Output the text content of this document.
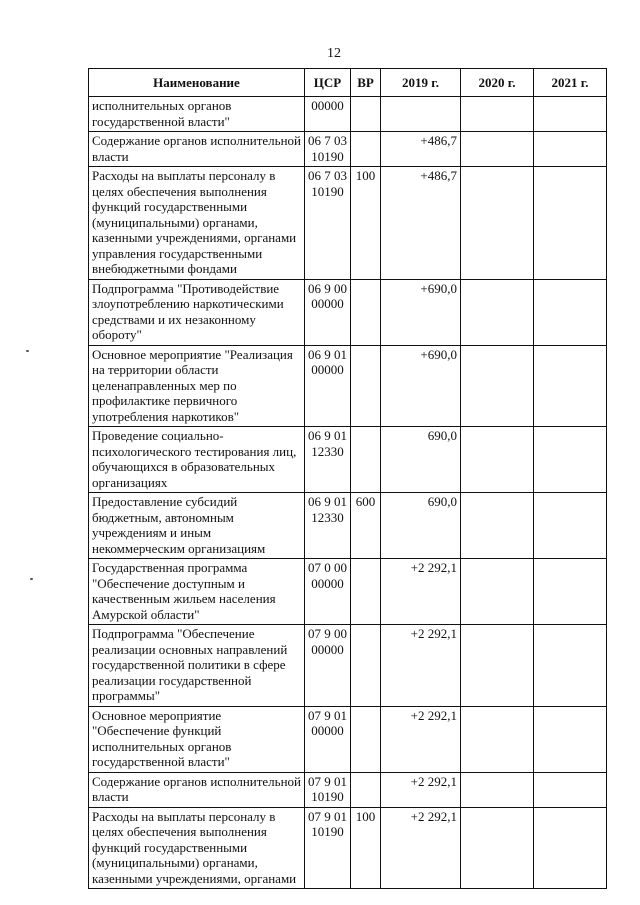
12
Наименование	ЦСР	ВР	2019 г.	2020 г.	2021 г.
исполнительных органов государственной власти"	00000				
Содержание органов исполнительной власти	06 7 03 10190		+486,7		
Расходы на выплаты персоналу в целях обеспечения выполнения функций государственными (муниципальными) органами, казенными учреждениями, органами управления государственными внебюджетными фондами	06 7 03 10190	100	+486,7		
Подпрограмма "Противодействие злоупотреблению наркотическими средствами и их незаконному обороту"	06 9 00 00000		+690,0		
Основное мероприятие "Реализация на территории области целенаправленных мер по профилактике первичного употребления наркотиков"	06 9 01 00000		+690,0		
Проведение социально-психологического тестирования лиц, обучающихся в образовательных организациях	06 9 01 12330		690,0		
Предоставление субсидий бюджетным, автономным учреждениям и иным некоммерческим организациям	06 9 01 12330	600	690,0		
Государственная программа "Обеспечение доступным и качественным жильем населения Амурской области"	07 0 00 00000		+2 292,1		
Подпрограмма "Обеспечение реализации основных направлений государственной политики в сфере реализации государственной программы"	07 9 00 00000		+2 292,1		
Основное мероприятие "Обеспечение функций исполнительных органов государственной власти"	07 9 01 00000		+2 292,1		
Содержание органов исполнительной власти	07 9 01 10190		+2 292,1		
Расходы на выплаты персоналу в целях обеспечения выполнения функций государственными (муниципальными) органами, казенными учреждениями, органами	07 9 01 10190	100	+2 292,1		
